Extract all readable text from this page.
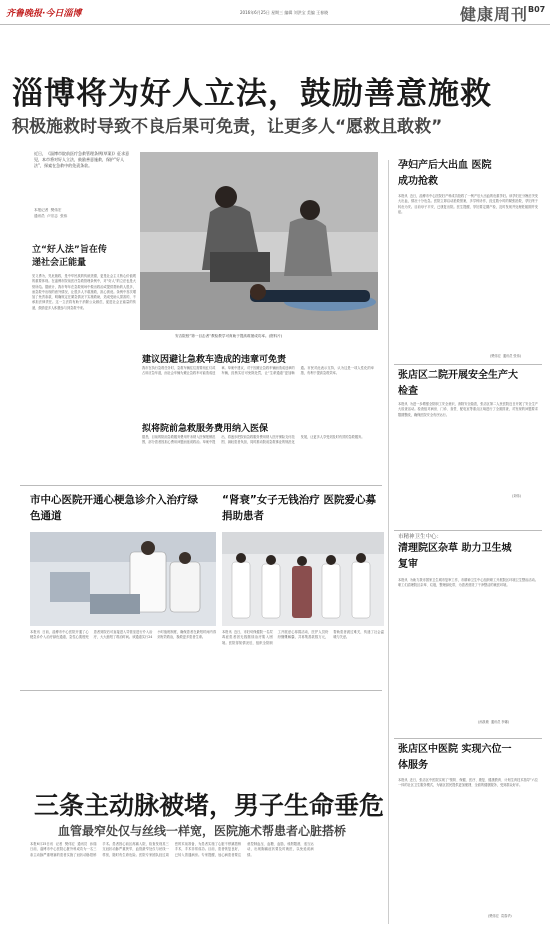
齐鲁晚报·今日淄博	2016年6月25日 星期三 编辑 刘洪宝 美编 王春晓	健康周刊 B07
淄博将为好人立法，鼓励善意施救
积极施救时导致不良后果可免责，让更多人“愿救且敢救”
近日，《淄博市院前医疗急救管理条例(草案)》征求意见，本市将对好人立法，鼓励善意施救，保护“好人法”，探索在急救中的免责条款。
本报记者  樊伟宏
通讯员  卢宗志  张伟
立“好人法”旨在传递社会正能量
见义勇为，见危施救，是中华民族的传统美德，更是社会主义核心价值观的重要体现。在淄博市院前医疗急救管理条例中，对“好人”的立法也是大势所趋。据统计，我市每年在急救现场中做出救治或提供帮助的人很多，而急救中出现的意外情况，让很多人不敢施救，担心被讹。条例中首次增加了免责条款，明确规定在紧急情况下实施救助，造成受助人损害的，不承担法律责任。这一立法将有助于消除公众顾虑，促进社会正能量的传递，鼓励更多人积极参与到急救中来。
安吉院校”第一目击者”教检教学可育助于提高救援成功率。(资料片)
建议因避让急救车造成的违章可免责
我市在执行急救任务时，急救车辆往往需要闯红灯或占用应急车道，而社会车辆为避让急救车可能造成违章。草案中建议，对于因避让急救车辆而造成违章的车辆，经核实后可免除处罚，让“生命通道”更加畅通。市民对此表示支持，认为这是一项人性化的举措，有利于提高急救效率。
拟将院前急救服务费用纳入医保
据悉，目前的院前急救服务费用并未纳入医保报销范围，部分患者因担心费用问题而延误救治。草案中提出，将逐步把院前急救服务费用纳入医疗保险支付范围，减轻患者负担，同时推动院前急救事业的规范化发展，让更多人享受到及时有效的急救服务。
市中心医院开通心梗急诊介入治疗绿色通道
本报讯  日前，淄博市中心医院开通了心梗急诊介入治疗绿色通道，急性心肌梗死患者到院后可直接进入导管室进行介入治疗，大大缩短了救治时间。该通道实行24小时值班制度，确保患者在最短时间内得到有效救治，挽救更多患者生命。
“肾衰”女子无钱治疗 医院爱心募捐助患者
本报讯  近日，市妇幼保健院一名尿毒症患者因无钱继续治疗陷入困境。医院得知情况后，组织全院职工开展爱心募捐活动，医护人员纷纷慷慨解囊，共募集善款数万元，帮助患者渡过难关，传递了社会温暖与关爱。
三条主动脉被堵，男子生命垂危
血管最窄处仅与丝线一样宽，医院施术帮患者心脏搭桥
本报6月25日讯  记者  樊伟宏  通讯员  孙瑞  日前，淄博市中心医院心脏外科成功为一名三条主动脉严重堵塞的患者实施了冠状动脉搭桥手术。患者因心前区疼痛入院，检查发现其三支冠状动脉严重狭窄，血管最窄处仅与丝线一样宽，随时有生命危险。医院专家团队经过周密的术前准备，为患者实施了心脏不停跳搭桥手术，手术非常成功。目前，患者恢复良好，已转入普通病房。专家提醒，冠心病患者要注意控制血压、血糖、血脂，戒烟限酒，适当运动，出现胸痛症状要及时就医，以免延误病情。
孕妇产后大出血 医院成功抢救
本报讯  近日，淄博市中心医院妇产科成功抢救了一例产后大出血的危重孕妇。该孕妇在分娩后突发大出血，情况十分危急。医院立即启动抢救预案，多学科协作，经过数小时的紧张抢救，孕妇终于转危为安。目前母子平安，已康复出院。医生提醒，孕妇要定期产检，及时发现并处理妊娠期并发症。
(樊伟宏  通讯员 张伟)
张店区二院开展安全生产大检查
本报讯  为进一步增强全院职工安全意识，消除安全隐患，张店区第二人民医院近日开展了安全生产大检查活动。检查组对病房、门诊、食堂、配电室等重点区域进行了全面排查，对发现的问题要求限期整改，确保医院安全有序运行。
(刘伟)
市精神卫生中心：
清理院区杂草 助力卫生城复审
本报讯  为助力我市国家卫生城市复审工作，市精神卫生中心组织职工开展院区环境卫生整治活动。职工们清理院区杂草、垃圾，整理绿化带，为患者营造了干净整洁的就医环境。
(孙凯敏  通讯员 李娜)
张店区中医院 实现六位一体服务
本报讯  近日，张店区中医院实现了“预防、保健、医疗、康复、健康教育、计划生育技术指导”六位一体的社区卫生服务模式，为辖区居民提供更加便捷、全面的健康服务，受到群众好评。
(樊伟宏  袁春华)
